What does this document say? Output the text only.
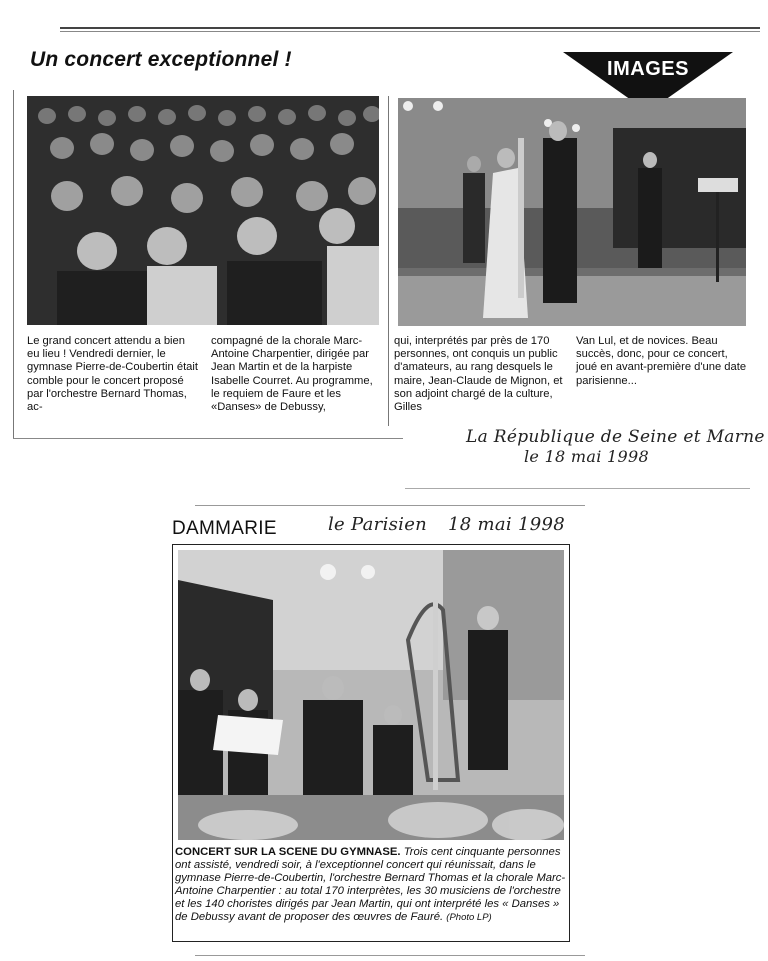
Un concert exceptionnel !	IMAGES

Le grand concert attendu a bien eu lieu ! Vendredi dernier, le gymnase Pierre-de-Coubertin était comble pour le concert proposé par l'orchestre Bernard Thomas, ac-

compagné de la chorale Marc-Antoine Charpentier, dirigée par Jean Martin et de la harpiste Isabelle Courret. Au programme, le requiem de Faure et les «Danses» de Debussy,

qui, interprétés par près de 170 personnes, ont conquis un public d'amateurs, au rang desquels le maire, Jean-Claude de Mignon, et son adjoint chargé de la culture, Gilles

Van Lul, et de novices. Beau succès, donc, pour ce concert, joué en avant-première d'une date parisienne...

La République de Seine et Marne
le 18 mai 1998
DAMMARIE	le Parisien 18 mai 1998
CONCERT SUR LA SCENE DU GYMNASE. Trois cent cinquante personnes ont assisté, vendredi soir, à l'exceptionnel concert qui réunissait, dans le gymnase Pierre-de-Coubertin, l'orchestre Bernard Thomas et la chorale Marc-Antoine Charpentier : au total 170 interprètes, les 30 musiciens de l'orchestre et les 140 choristes dirigés par Jean Martin, qui ont interprété les « Danses » de Debussy avant de proposer des œuvres de Fauré. (Photo LP)
